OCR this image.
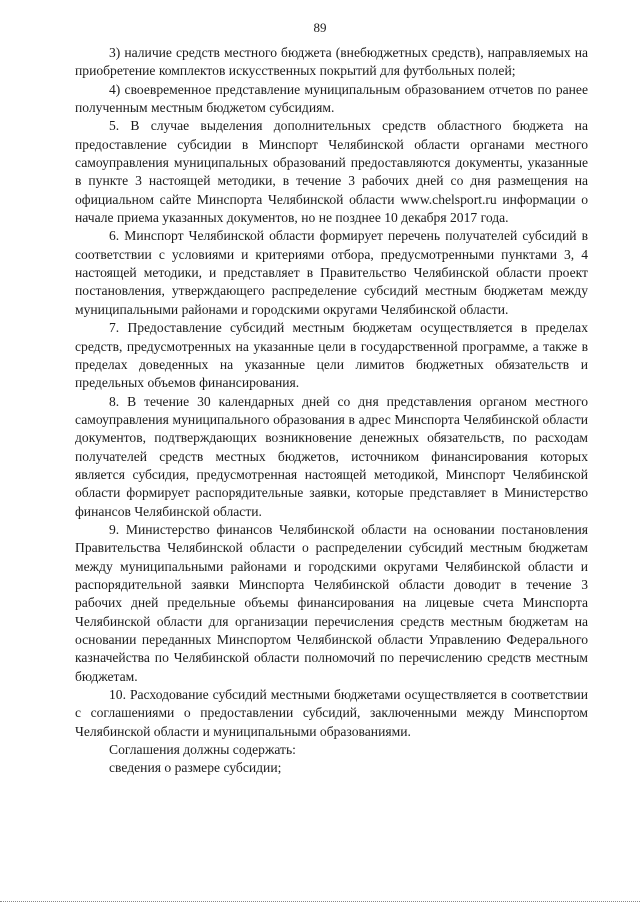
89

3) наличие средств местного бюджета (внебюджетных средств), направляемых на приобретение комплектов искусственных покрытий для футбольных полей;

4) своевременное представление муниципальным образованием отчетов по ранее полученным местным бюджетом субсидиям.

5. В случае выделения дополнительных средств областного бюджета на предоставление субсидии в Минспорт Челябинской области органами местного самоуправления муниципальных образований предоставляются документы, указанные в пункте 3 настоящей методики, в течение 3 рабочих дней со дня размещения на официальном сайте Минспорта Челябинской области www.chelsport.ru информации о начале приема указанных документов, но не позднее 10 декабря 2017 года.

6. Минспорт Челябинской области формирует перечень получателей субсидий в соответствии с условиями и критериями отбора, предусмотренными пунктами 3, 4 настоящей методики, и представляет в Правительство Челябинской области проект постановления, утверждающего распределение субсидий местным бюджетам между муниципальными районами и городскими округами Челябинской области.

7. Предоставление субсидий местным бюджетам осуществляется в пределах средств, предусмотренных на указанные цели в государственной программе, а также в пределах доведенных на указанные цели лимитов бюджетных обязательств и предельных объемов финансирования.

8. В течение 30 календарных дней со дня представления органом местного самоуправления муниципального образования в адрес Минспорта Челябинской области документов, подтверждающих возникновение денежных обязательств, по расходам получателей средств местных бюджетов, источником финансирования которых является субсидия, предусмотренная настоящей методикой, Минспорт Челябинской области формирует распорядительные заявки, которые представляет в Министерство финансов Челябинской области.

9. Министерство финансов Челябинской области на основании постановления Правительства Челябинской области о распределении субсидий местным бюджетам между муниципальными районами и городскими округами Челябинской области и распорядительной заявки Минспорта Челябинской области доводит в течение 3 рабочих дней предельные объемы финансирования на лицевые счета Минспорта Челябинской области для организации перечисления средств местным бюджетам на основании переданных Минспортом Челябинской области Управлению Федерального казначейства по Челябинской области полномочий по перечислению средств местным бюджетам.

10. Расходование субсидий местными бюджетами осуществляется в соответствии с соглашениями о предоставлении субсидий, заключенными между Минспортом Челябинской области и муниципальными образованиями.

Соглашения должны содержать:

сведения о размере субсидии;
